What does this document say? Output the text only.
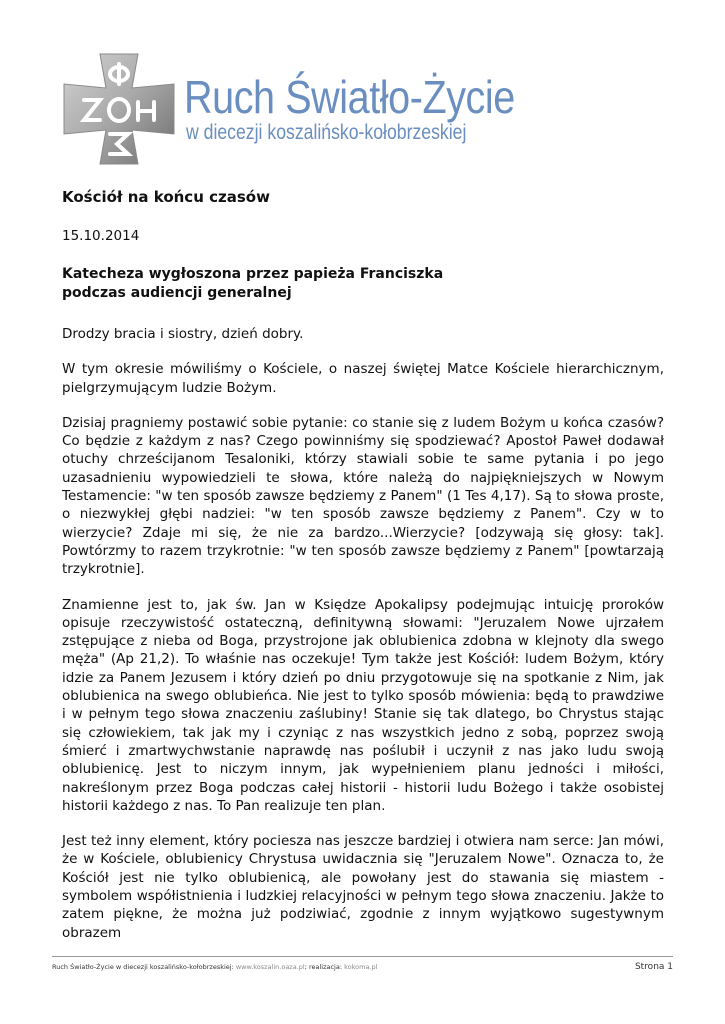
Ruch Światło-Życie
w diecezji koszalińsko-kołobrzeskiej
Kościół na końcu czasów
15.10.2014
Katecheza wygłoszona przez papieża Franciszka
podczas audiencji generalnej

Drodzy bracia i siostry, dzień dobry.

W tym okresie mówiliśmy o Kościele, o naszej świętej Matce Kościele hierarchicznym, pielgrzymującym ludzie Bożym.

Dzisiaj pragniemy postawić sobie pytanie: co stanie się z ludem Bożym u końca czasów? Co będzie z każdym z nas? Czego powinniśmy się spodziewać? Apostoł Paweł dodawał otuchy chrześcijanom Tesaloniki, którzy stawiali sobie te same pytania i po jego uzasadnieniu wypowiedzieli te słowa, które należą do najpiękniejszych w Nowym Testamencie: "w ten sposób zawsze będziemy z Panem" (1 Tes 4,17). Są to słowa proste, o niezwykłej głębi nadziei: "w ten sposób zawsze będziemy z Panem". Czy w to wierzycie? Zdaje mi się, że nie za bardzo...Wierzycie? [odzywają się głosy: tak]. Powtórzmy to razem trzykrotnie: "w ten sposób zawsze będziemy z Panem" [powtarzają trzykrotnie].

Znamienne jest to, jak św. Jan w Księdze Apokalipsy podejmując intuicję proroków opisuje rzeczywistość ostateczną, definitywną słowami: "Jeruzalem Nowe ujrzałem zstępujące z nieba od Boga, przystrojone jak oblubienica zdobna w klejnoty dla swego męża" (Ap 21,2). To właśnie nas oczekuje! Tym także jest Kościół: ludem Bożym, który idzie za Panem Jezusem i który dzień po dniu przygotowuje się na spotkanie z Nim, jak oblubienica na swego oblubieńca. Nie jest to tylko sposób mówienia: będą to prawdziwe i w pełnym tego słowa znaczeniu zaślubiny! Stanie się tak dlatego, bo Chrystus stając się człowiekiem, tak jak my i czyniąc z nas wszystkich jedno z sobą, poprzez swoją śmierć i zmartwychwstanie naprawdę nas poślubił i uczynił z nas jako ludu swoją oblubienicę. Jest to niczym innym, jak wypełnieniem planu jedności i miłości, nakreślonym przez Boga podczas całej historii - historii ludu Bożego i także osobistej historii każdego z nas. To Pan realizuje ten plan.

Jest też inny element, który pociesza nas jeszcze bardziej i otwiera nam serce: Jan mówi, że w Kościele, oblubienicy Chrystusa uwidacznia się "Jeruzalem Nowe". Oznacza to, że Kościół jest nie tylko oblubienicą, ale powołany jest do stawania się miastem - symbolem współistnienia i ludzkiej relacyjności w pełnym tego słowa znaczeniu. Jakże to zatem piękne, że można już podziwiać, zgodnie z innym wyjątkowo sugestywnym obrazem

Ruch Światło-Życie w diecezji koszalińsko-kołobrzeskiej: www.koszalin.oaza.pl; realizacja: kokoma.pl	Strona 1
